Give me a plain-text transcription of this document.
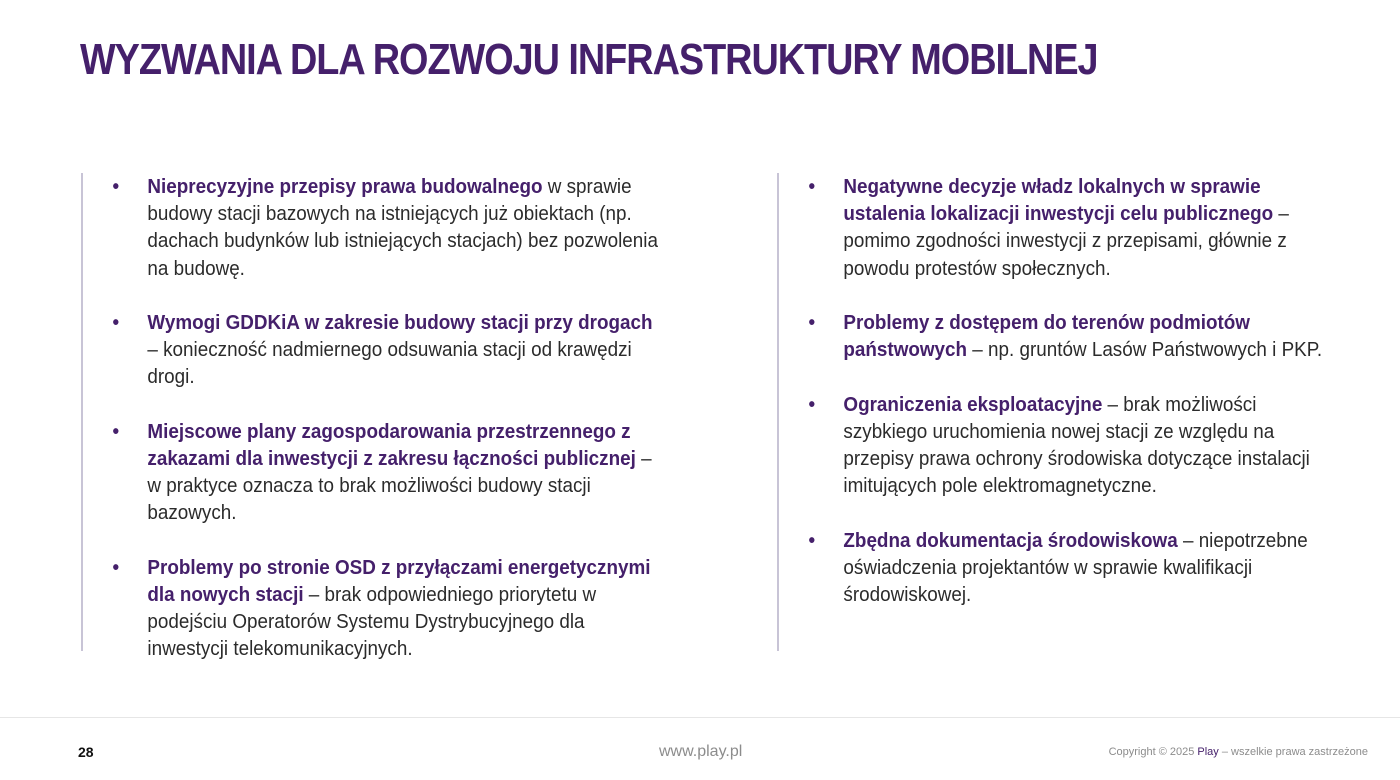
WYZWANIA DLA ROZWOJU INFRASTRUKTURY MOBILNEJ
• Nieprecyzyjne przepisy prawa budowalnego w sprawie budowy stacji bazowych na istniejących już obiektach (np. dachach budynków lub istniejących stacjach) bez pozwolenia na budowę.
• Wymogi GDDKiA w zakresie budowy stacji przy drogach – konieczność nadmiernego odsuwania stacji od krawędzi drogi.
• Miejscowe plany zagospodarowania przestrzennego z zakazami dla inwestycji z zakresu łączności publicznej – w praktyce oznacza to brak możliwości budowy stacji bazowych.
• Problemy po stronie OSD z przyłączami energetycznymi dla nowych stacji – brak odpowiedniego priorytetu w podejściu Operatorów Systemu Dystrybucyjnego dla inwestycji telekomunikacyjnych.
• Negatywne decyzje władz lokalnych w sprawie ustalenia lokalizacji inwestycji celu publicznego – pomimo zgodności inwestycji z przepisami, głównie z powodu protestów społecznych.
• Problemy z dostępem do terenów podmiotów państwowych – np. gruntów Lasów Państwowych i PKP.
• Ograniczenia eksploatacyjne – brak możliwości szybkiego uruchomienia nowej stacji ze względu na przepisy prawa ochrony środowiska dotyczące instalacji imitujących pole elektromagnetyczne.
• Zbędna dokumentacja środowiskowa – niepotrzebne oświadczenia projektantów w sprawie kwalifikacji środowiskowej.
28	www.play.pl	Copyright © 2025 Play – wszelkie prawa zastrzeżone
